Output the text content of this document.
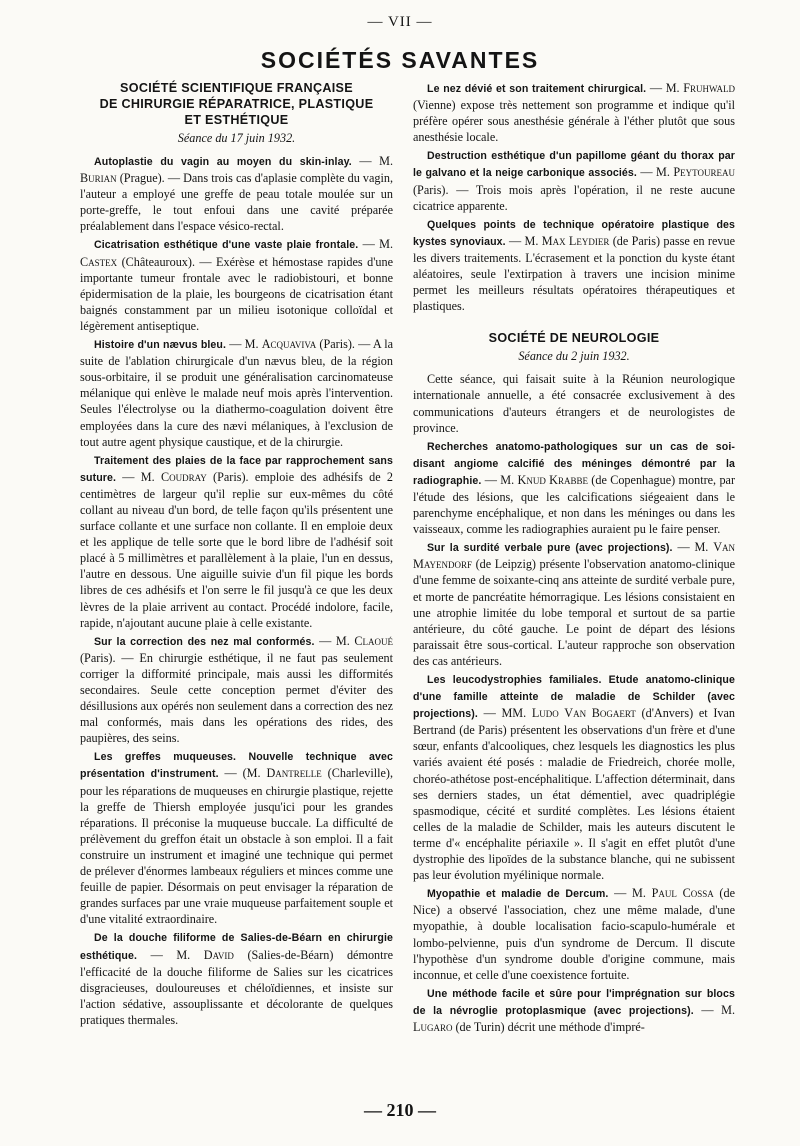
— VII —
SOCIÉTÉS SAVANTES
SOCIÉTÉ SCIENTIFIQUE FRANÇAISE
DE CHIRURGIE RÉPARATRICE, PLASTIQUE
ET ESTHÉTIQUE
Séance du 17 juin 1932.

Autoplastie du vagin au moyen du skin-inlay. — M. Burian (Prague). — Dans trois cas d'aplasie complète du vagin, l'auteur a employé une greffe de peau totale moulée sur un porte-greffe, le tout enfoui dans une cavité préparée préalablement dans l'espace vésico-rectal.

Cicatrisation esthétique d'une vaste plaie frontale. — M. Castex (Châteauroux). — Exérèse et hémostase rapides d'une importante tumeur frontale avec le radiobistouri, et bonne épidermisation de la plaie, les bourgeons de cicatrisation étant baignés constamment par un milieu isotonique colloïdal et légèrement antiseptique.

Histoire d'un nævus bleu. — M. Acquaviva (Paris). — A la suite de l'ablation chirurgicale d'un nævus bleu, de la région sous-orbitaire, il se produit une généralisation carcinomateuse mélanique qui enlève le malade neuf mois après l'intervention. Seules l'électrolyse ou la diathermo-coagulation doivent être employées dans la cure des nævi mélaniques, à l'exclusion de tout autre agent physique caustique, et de la chirurgie.

Traitement des plaies de la face par rapprochement sans suture. — M. Coudray (Paris). emploie des adhésifs de 2 centimètres de largeur qu'il replie sur eux-mêmes du côté collant au niveau d'un bord, de telle façon qu'ils présentent une surface collante et une surface non collante. Il en emploie deux et les applique de telle sorte que le bord libre de l'adhésif soit placé à 5 millimètres et parallèlement à la plaie, l'un en dessus, l'autre en dessous. Une aiguille suivie d'un fil pique les bords libres de ces adhésifs et l'on serre le fil jusqu'à ce que les deux lèvres de la plaie arrivent au contact. Procédé indolore, facile, rapide, n'ajoutant aucune plaie à celle existante.

Sur la correction des nez mal conformés. — M. Claoué (Paris). — En chirurgie esthétique, il ne faut pas seulement corriger la difformité principale, mais aussi les difformités secondaires. Seule cette conception permet d'éviter des désillusions aux opérés non seulement dans a correction des nez mal conformés, mais dans les opérations des rides, des paupières, des seins.

Les greffes muqueuses. Nouvelle technique avec présentation d'instrument. — (M. Dantrelle (Charleville), pour les réparations de muqueuses en chirurgie plastique, rejette la greffe de Thiersh employée jusqu'ici pour les grandes réparations. Il préconise la muqueuse buccale. La difficulté de prélèvement du greffon était un obstacle à son emploi. Il a fait construire un instrument et imaginé une technique qui permet de prélever d'énormes lambeaux réguliers et minces comme une feuille de papier. Désormais on peut envisager la réparation de grandes surfaces par une vraie muqueuse parfaitement souple et d'une vitalité extraordinaire.

De la douche filiforme de Salies-de-Béarn en chirurgie esthétique. — M. David (Salies-de-Béarn) démontre l'efficacité de la douche filiforme de Salies sur les cicatrices disgracieuses, douloureuses et chéloïdiennes, et insiste sur l'action sédative, assouplissante et décolorante de quelques pratiques thermales.

Le nez dévié et son traitement chirurgical. — M. Fruhwald (Vienne) expose très nettement son programme et indique qu'il préfère opérer sous anesthésie générale à l'éther plutôt que sous anesthésie locale.

Destruction esthétique d'un papillome géant du thorax par le galvano et la neige carbonique associés. — M. Peytoureau (Paris). — Trois mois après l'opération, il ne reste aucune cicatrice apparente.

Quelques points de technique opératoire plastique des kystes synoviaux. — M. Max Leydier (de Paris) passe en revue les divers traitements. L'écrasement et la ponction du kyste étant aléatoires, seule l'extirpation à travers une incision minime permet les meilleurs résultats opératoires thérapeutiques et plastiques.

SOCIÉTÉ DE NEUROLOGIE
Séance du 2 juin 1932.

Cette séance, qui faisait suite à la Réunion neurologique internationale annuelle, a été consacrée exclusivement à des communications d'auteurs étrangers et de neurologistes de province.

Recherches anatomo-pathologiques sur un cas de soi-disant angiome calcifié des méninges démontré par la radiographie. — M. Knud Krabbe (de Copenhague) montre, par l'étude des lésions, que les calcifications siégeaient dans le parenchyme encéphalique, et non dans les méninges ou dans les vaisseaux, comme les radiographies auraient pu le faire penser.

Sur la surdité verbale pure (avec projections). — M. Van Mayendorf (de Leipzig) présente l'observation anatomo-clinique d'une femme de soixante-cinq ans atteinte de surdité verbale pure, et morte de pancréatite hémorragique. Les lésions consistaient en une atrophie limitée du lobe temporal et surtout de sa partie antérieure, du côté gauche. Le point de départ des lésions paraissait être sous-cortical. L'auteur rapproche son observation des cas antérieurs.

Les leucodystrophies familiales. Etude anatomo-clinique d'une famille atteinte de maladie de Schilder (avec projections). — MM. Ludo Van Bogaert (d'Anvers) et Ivan Bertrand (de Paris) présentent les observations d'un frère et d'une sœur, enfants d'alcooliques, chez lesquels les diagnostics les plus variés avaient été posés : maladie de Friedreich, chorée molle, choréo-athétose post-encéphalitique. L'affection déterminait, dans ses derniers stades, un état démentiel, avec quadriplégie spasmodique, cécité et surdité complètes. Les lésions étaient celles de la maladie de Schilder, mais les auteurs discutent le terme d'« encéphalite périaxile ». Il s'agit en effet plutôt d'une dystrophie des lipoïdes de la substance blanche, qui ne subissent pas leur évolution myélinique normale.

Myopathie et maladie de Dercum. — M. Paul Cossa (de Nice) a observé l'association, chez une même malade, d'une myopathie, à double localisation facio-scapulo-humérale et lombo-pelvienne, puis d'un syndrome de Dercum. Il discute l'hypothèse d'un syndrome double d'origine commune, mais inconnue, et celle d'une coexistence fortuite.

Une méthode facile et sûre pour l'imprégnation sur blocs de la névroglie protoplasmique (avec projections). — M. Lugaro (de Turin) décrit une méthode d'impré-

— 210 —
